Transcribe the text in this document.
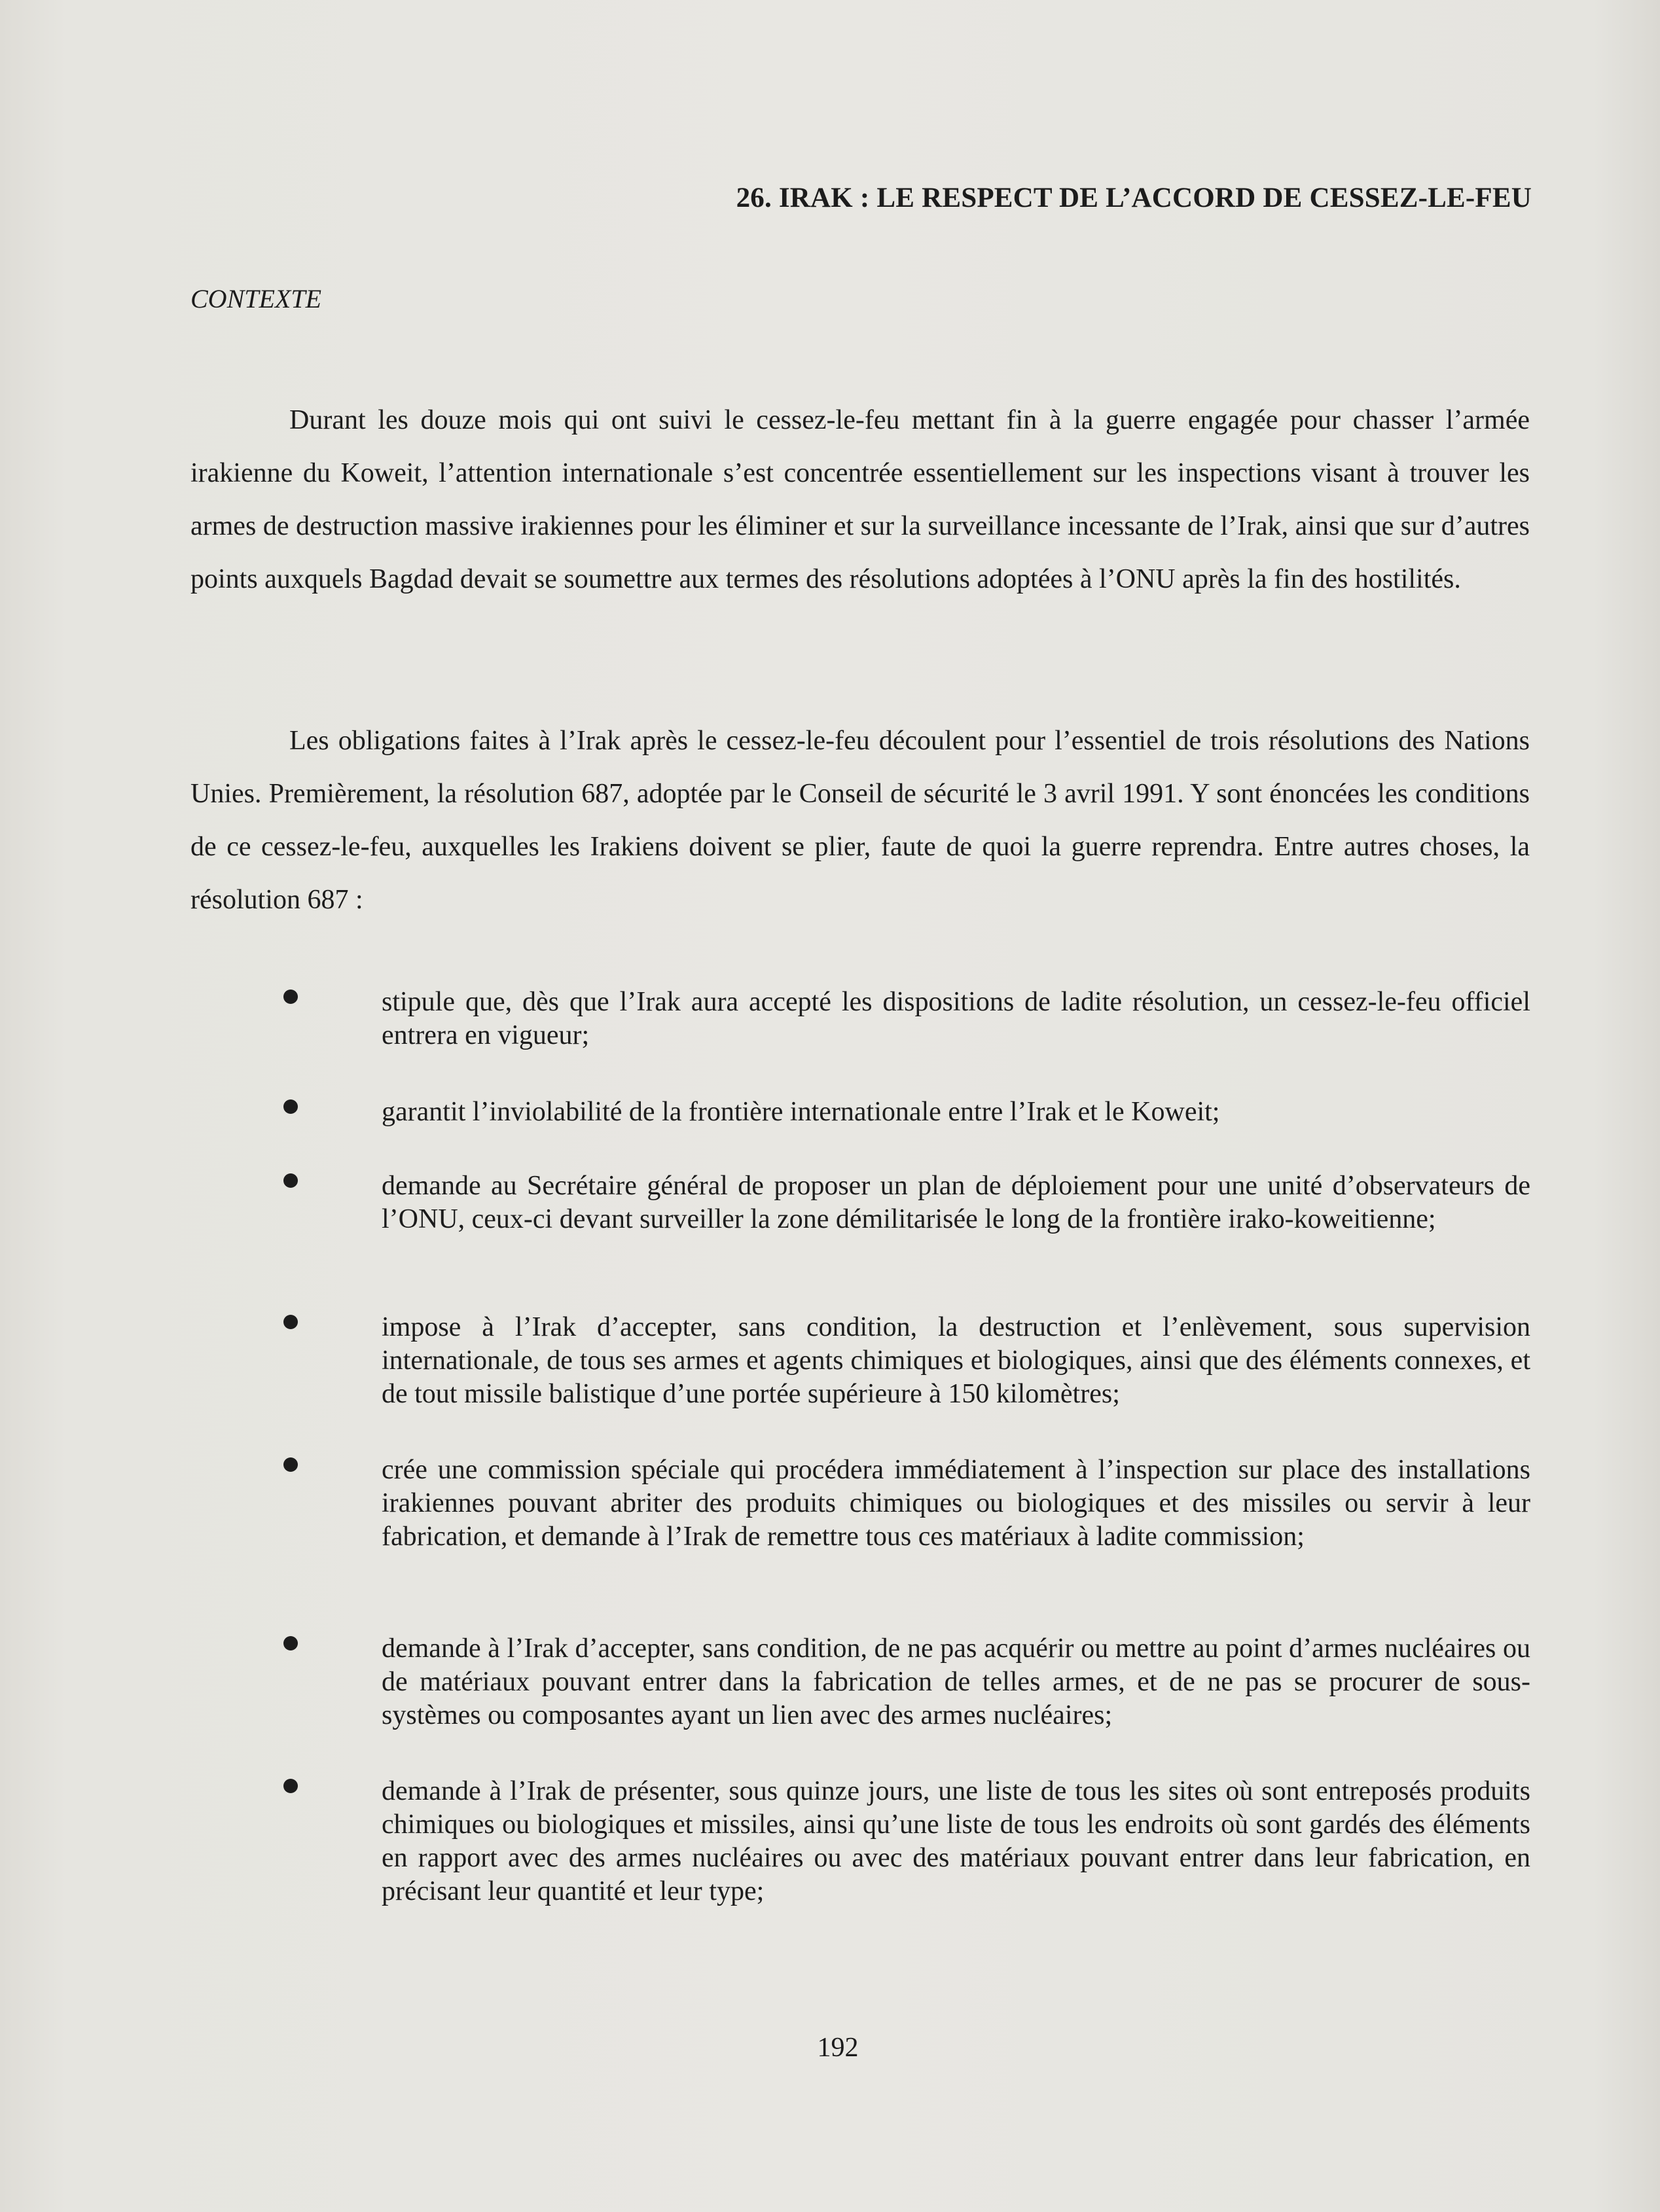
26. IRAK : LE RESPECT DE L’ACCORD DE CESSEZ-LE-FEU
CONTEXTE

Durant les douze mois qui ont suivi le cessez-le-feu mettant fin à la guerre engagée pour chasser l’armée irakienne du Koweit, l’attention internationale s’est concentrée essentiellement sur les inspections visant à trouver les armes de destruction massive irakiennes pour les éliminer et sur la surveillance incessante de l’Irak, ainsi que sur d’autres points auxquels Bagdad devait se soumettre aux termes des résolutions adoptées à l’ONU après la fin des hostilités.

Les obligations faites à l’Irak après le cessez-le-feu découlent pour l’essentiel de trois résolutions des Nations Unies. Premièrement, la résolution 687, adoptée par le Conseil de sécurité le 3 avril 1991. Y sont énoncées les conditions de ce cessez-le-feu, auxquelles les Irakiens doivent se plier, faute de quoi la guerre reprendra. Entre autres choses, la résolution 687 :

stipule que, dès que l’Irak aura accepté les dispositions de ladite résolution, un cessez-le-feu officiel entrera en vigueur;
garantit l’inviolabilité de la frontière internationale entre l’Irak et le Koweit;
demande au Secrétaire général de proposer un plan de déploiement pour une unité d’observateurs de l’ONU, ceux-ci devant surveiller la zone démilitarisée le long de la frontière irako-koweitienne;
impose à l’Irak d’accepter, sans condition, la destruction et l’enlèvement, sous supervision internationale, de tous ses armes et agents chimiques et biologiques, ainsi que des éléments connexes, et de tout missile balistique d’une portée supérieure à 150 kilomètres;
crée une commission spéciale qui procédera immédiatement à l’inspection sur place des installations irakiennes pouvant abriter des produits chimiques ou biologiques et des missiles ou servir à leur fabrication, et demande à l’Irak de remettre tous ces matériaux à ladite commission;
demande à l’Irak d’accepter, sans condition, de ne pas acquérir ou mettre au point d’armes nucléaires ou de matériaux pouvant entrer dans la fabrication de telles armes, et de ne pas se procurer de sous-systèmes ou composantes ayant un lien avec des armes nucléaires;
demande à l’Irak de présenter, sous quinze jours, une liste de tous les sites où sont entreposés produits chimiques ou biologiques et missiles, ainsi qu’une liste de tous les endroits où sont gardés des éléments en rapport avec des armes nucléaires ou avec des matériaux pouvant entrer dans leur fabrication, en précisant leur quantité et leur type;
192
